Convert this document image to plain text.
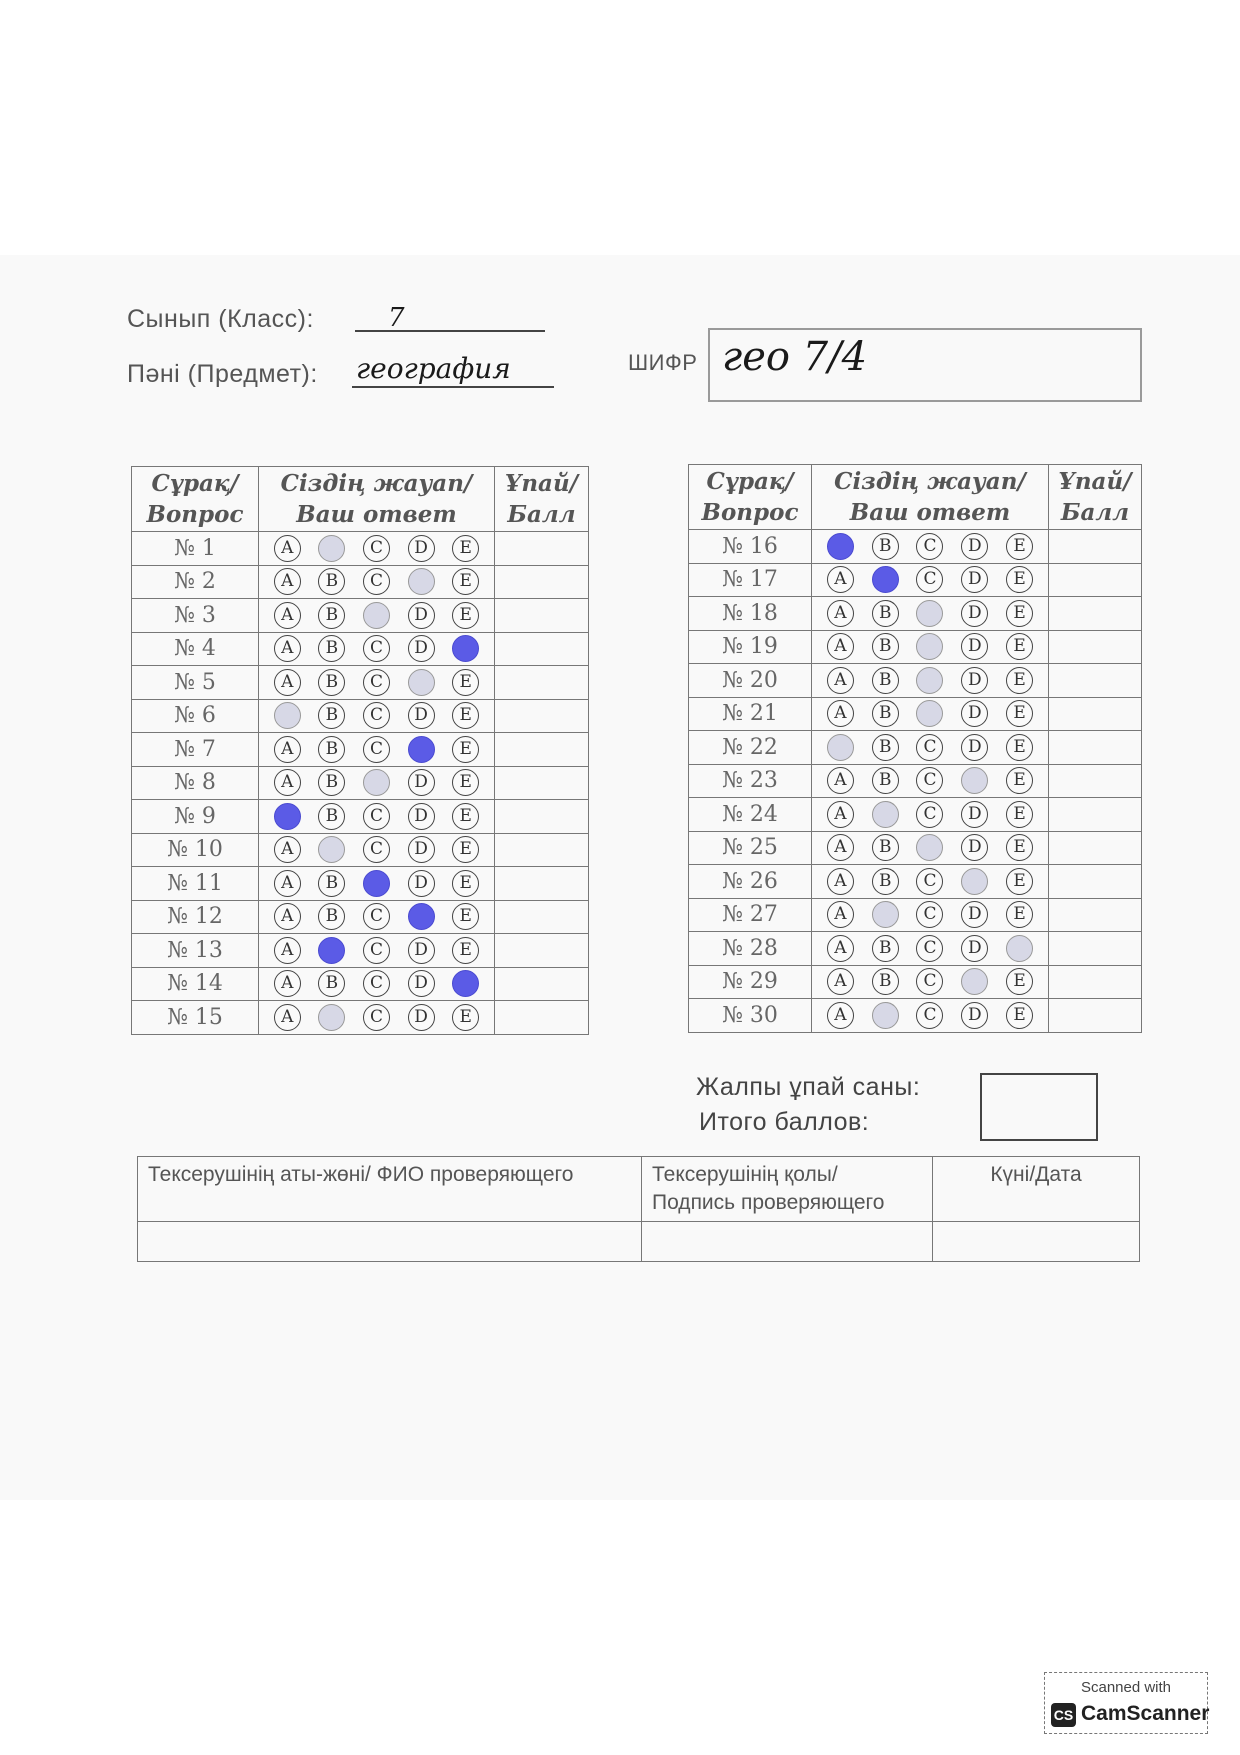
Сынып (Класс):	7
Пәні (Предмет): география	ШИФР гео 7/4
Сұрақ/ Вопрос	Сіздің жауап/ Ваш ответ	Ұпай/ Балл
№ 1	A C D E	

№ 2	A B C E	

№ 3	A B D E	

№ 4	A B C D	

№ 5	A B C E	

№ 6	B C D E	

№ 7	A B C E	

№ 8	A B D E	

№ 9	B C D E	

№ 10	A C D E	

№ 11	A B D E	

№ 12	A B C E	

№ 13	A C D E	

№ 14	A B C D	

№ 15	A C D E	

Сұрақ/ Вопрос	Сіздің жауап/ Ваш ответ	Ұпай/ Балл
№ 16	B C D E	

№ 17	A C D E	

№ 18	A B D E	

№ 19	A B D E	

№ 20	A B D E	

№ 21	A B D E	

№ 22	B C D E	

№ 23	A B C E	

№ 24	A C D E	

№ 25	A B D E	

№ 26	A B C E	

№ 27	A C D E	

№ 28	A B C D	

№ 29	A B C E	

№ 30	A C D E	

Жалпы ұпай саны:
Итого баллов:
Тексерушінің аты-жөні/ ФИО проверяющего	Тексерушінің қолы/ Подпись проверяющего	Күні/Дата

Scanned with
CS CamScanner
